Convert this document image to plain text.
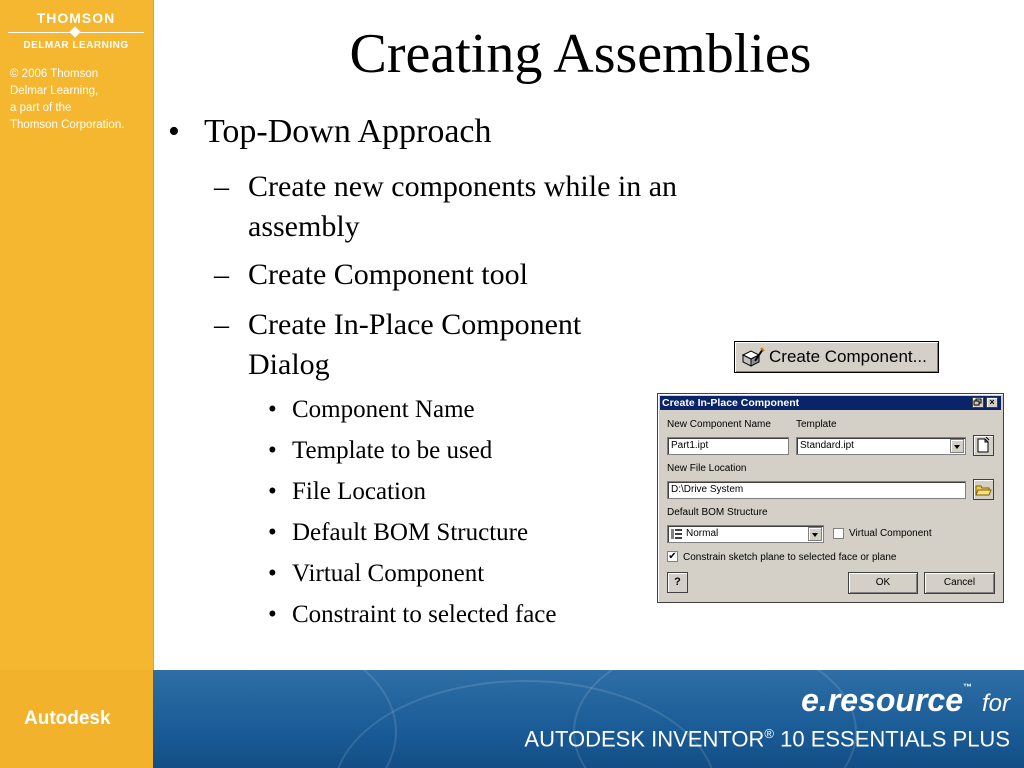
THOMSON
DELMAR LEARNING
© 2006 Thomson
Delmar Learning,
a part of the
Thomson Corporation.
Autodesk
e.resource™for
AUTODESK INVENTOR® 10 ESSENTIALS PLUS
Creating Assemblies
• Top-Down Approach
– Create new components while in an assembly
– Create Component tool
– Create In-Place Component Dialog
• Component Name
• Template to be used
• File Location
• Default BOM Structure
• Virtual Component
• Constraint to selected face
Create Component...
Create In-Place Component	×
New Component Name	Template
Part1.ipt	Standard.ipt
New File Location
D:\Drive System
Default BOM Structure
Normal	Virtual Component
✔ Constrain sketch plane to selected face or plane
?	OK	Cancel
